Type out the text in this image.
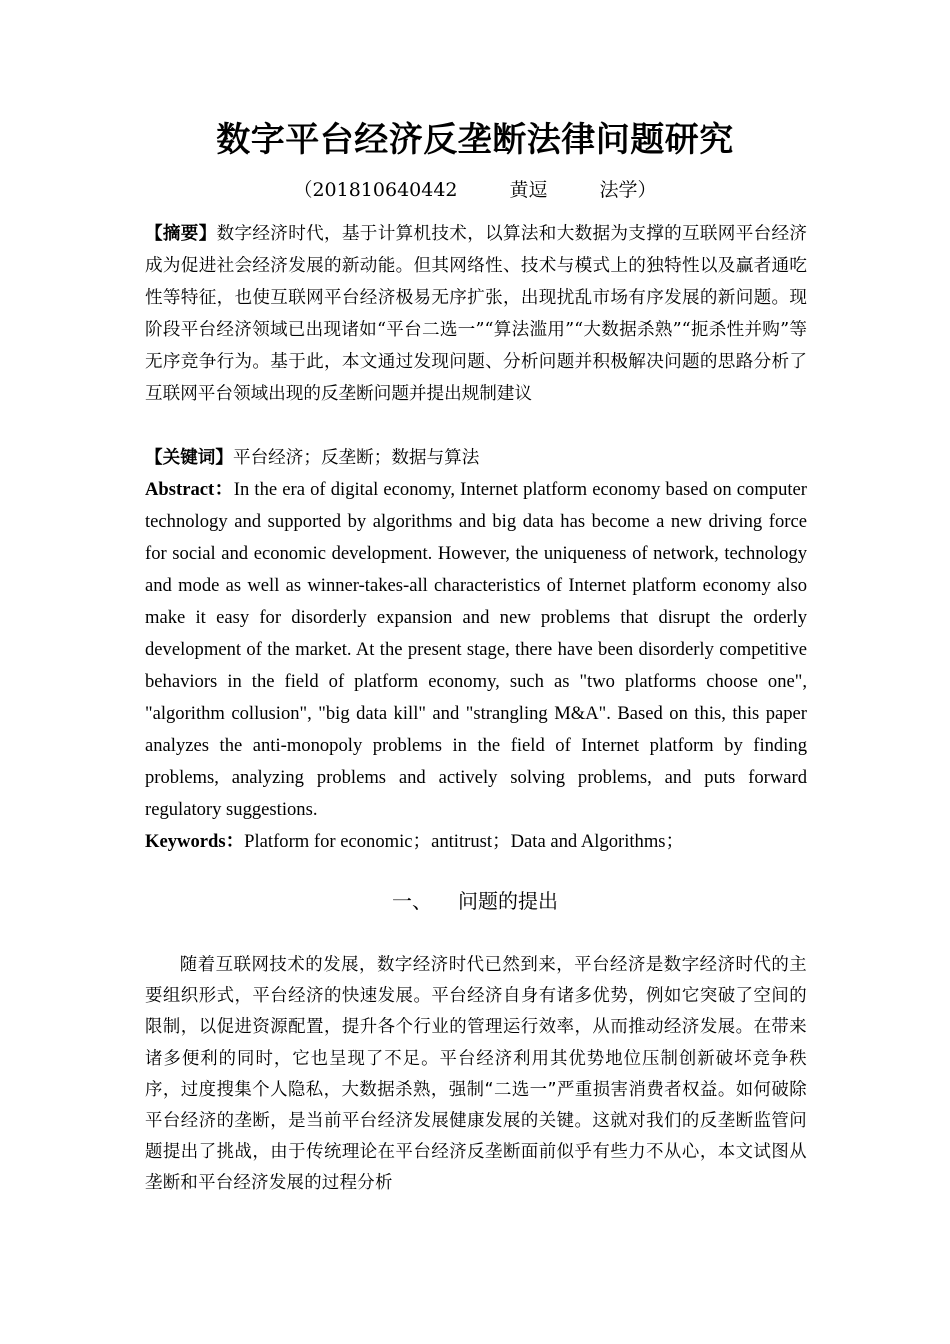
数字平台经济反垄断法律问题研究
（201810640442	黄逗	法学）
【摘要】数字经济时代，基于计算机技术，以算法和大数据为支撑的互联网平台经济成为促进社会经济发展的新动能。但其网络性、技术与模式上的独特性以及赢者通吃性等特征，也使互联网平台经济极易无序扩张，出现扰乱市场有序发展的新问题。现阶段平台经济领域已出现诸如“平台二选一”“算法滥用”“大数据杀熟”“扼杀性并购”等无序竞争行为。基于此，本文通过发现问题、分析问题并积极解决问题的思路分析了互联网平台领域出现的反垄断问题并提出规制建议
【关键词】平台经济；反垄断；数据与算法
Abstract：In the era of digital economy, Internet platform economy based on computer technology and supported by algorithms and big data has become a new driving force for social and economic development. However, the uniqueness of network, technology and mode as well as winner-takes-all characteristics of Internet platform economy also make it easy for disorderly expansion and new problems that disrupt the orderly development of the market. At the present stage, there have been disorderly competitive behaviors in the field of platform economy, such as "two platforms choose one", "algorithm collusion", "big data kill" and "strangling M&A". Based on this, this paper analyzes the anti-monopoly problems in the field of Internet platform by finding problems, analyzing problems and actively solving problems, and puts forward regulatory suggestions.
Keywords：Platform for economic；antitrust；Data and Algorithms；
一、 问题的提出
随着互联网技术的发展，数字经济时代已然到来，平台经济是数字经济时代的主要组织形式，平台经济的快速发展。平台经济自身有诸多优势，例如它突破了空间的限制，以促进资源配置，提升各个行业的管理运行效率，从而推动经济发展。在带来诸多便利的同时，它也呈现了不足。平台经济利用其优势地位压制创新破坏竞争秩序，过度搜集个人隐私，大数据杀熟，强制“二选一”严重损害消费者权益。如何破除平台经济的垄断，是当前平台经济发展健康发展的关键。这就对我们的反垄断监管问题提出了挑战，由于传统理论在平台经济反垄断面前似乎有些力不从心，本文试图从垄断和平台经济发展的过程分析
